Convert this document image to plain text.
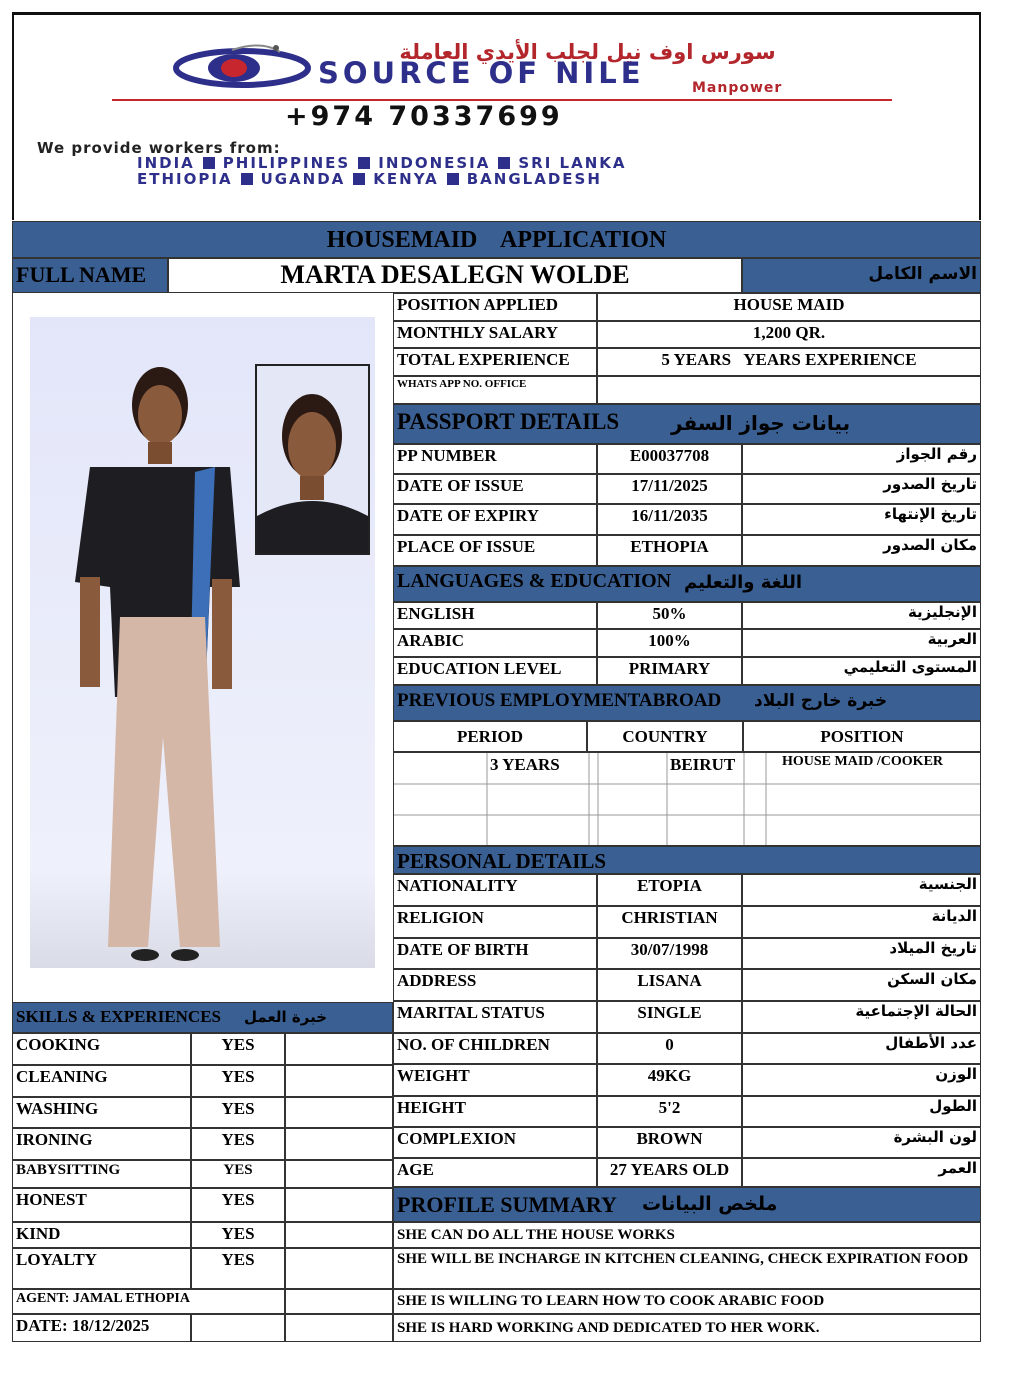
سورس اوف نيل لجلب الأيدي العاملة
SOURCE OF NILE	Manpower
+974 70337699
We provide workers from:
INDIA PHILIPPINES INDONESIA SRI LANKA
ETHIOPIA UGANDA KENYA BANGLADESH
HOUSEMAID    APPLICATION
FULL NAME	MARTA DESALEGN WOLDE	الاسم الكامل
POSITION APPLIED	HOUSE MAID
MONTHLY SALARY	1,200 QR.
TOTAL EXPERIENCE	5 YEARS   YEARS EXPERIENCE
WHATS APP NO. OFFICE
PASSPORT DETAILS	بيانات جواز السفر
PP NUMBER	E00037708	رقم الجواز
DATE OF ISSUE	17/11/2025	تاريخ الصدور
DATE OF EXPIRY	16/11/2035	تاريخ الإنتهاء
PLACE OF ISSUE	ETHOPIA	مكان الصدور
LANGUAGES & EDUCATION اللغة والتعليم
ENGLISH	50%	الإنجليزية
ARABIC	100%	العربية
EDUCATION LEVEL	PRIMARY	المستوى التعليمي
PREVIOUS EMPLOYMENTABROAD خبرة خارج البلاد
PERIOD	COUNTRY	POSITION
3 YEARS	BEIRUT	HOUSE MAID /COOKER
PERSONAL DETAILS
NATIONALITY	ETOPIA	الجنسية
RELIGION	CHRISTIAN	الديانة
DATE OF BIRTH	30/07/1998	تاريخ الميلاد
ADDRESS	LISANA	مكان السكن
MARITAL STATUS	SINGLE	الحالة الإجتماعية
NO. OF CHILDREN	0	عدد الأطفال
WEIGHT	49KG	الوزن
HEIGHT	5'2	الطول
COMPLEXION	BROWN	لون البشرة
AGE	27 YEARS OLD	العمر
SKILLS & EXPERIENCES خبرة العمل
COOKING	YES
CLEANING	YES
WASHING	YES
IRONING	YES
BABYSITTING	YES
HONEST	YES
KIND	YES
LOYALTY	YES
AGENT: JAMAL ETHOPIA
DATE: 18/12/2025
PROFILE SUMMARY ملخص البيانات
SHE CAN DO ALL THE HOUSE WORKS
SHE WILL BE INCHARGE IN KITCHEN CLEANING, CHECK EXPIRATION FOOD
SHE IS WILLING TO LEARN HOW TO COOK ARABIC FOOD
SHE IS HARD WORKING AND DEDICATED TO HER WORK.
